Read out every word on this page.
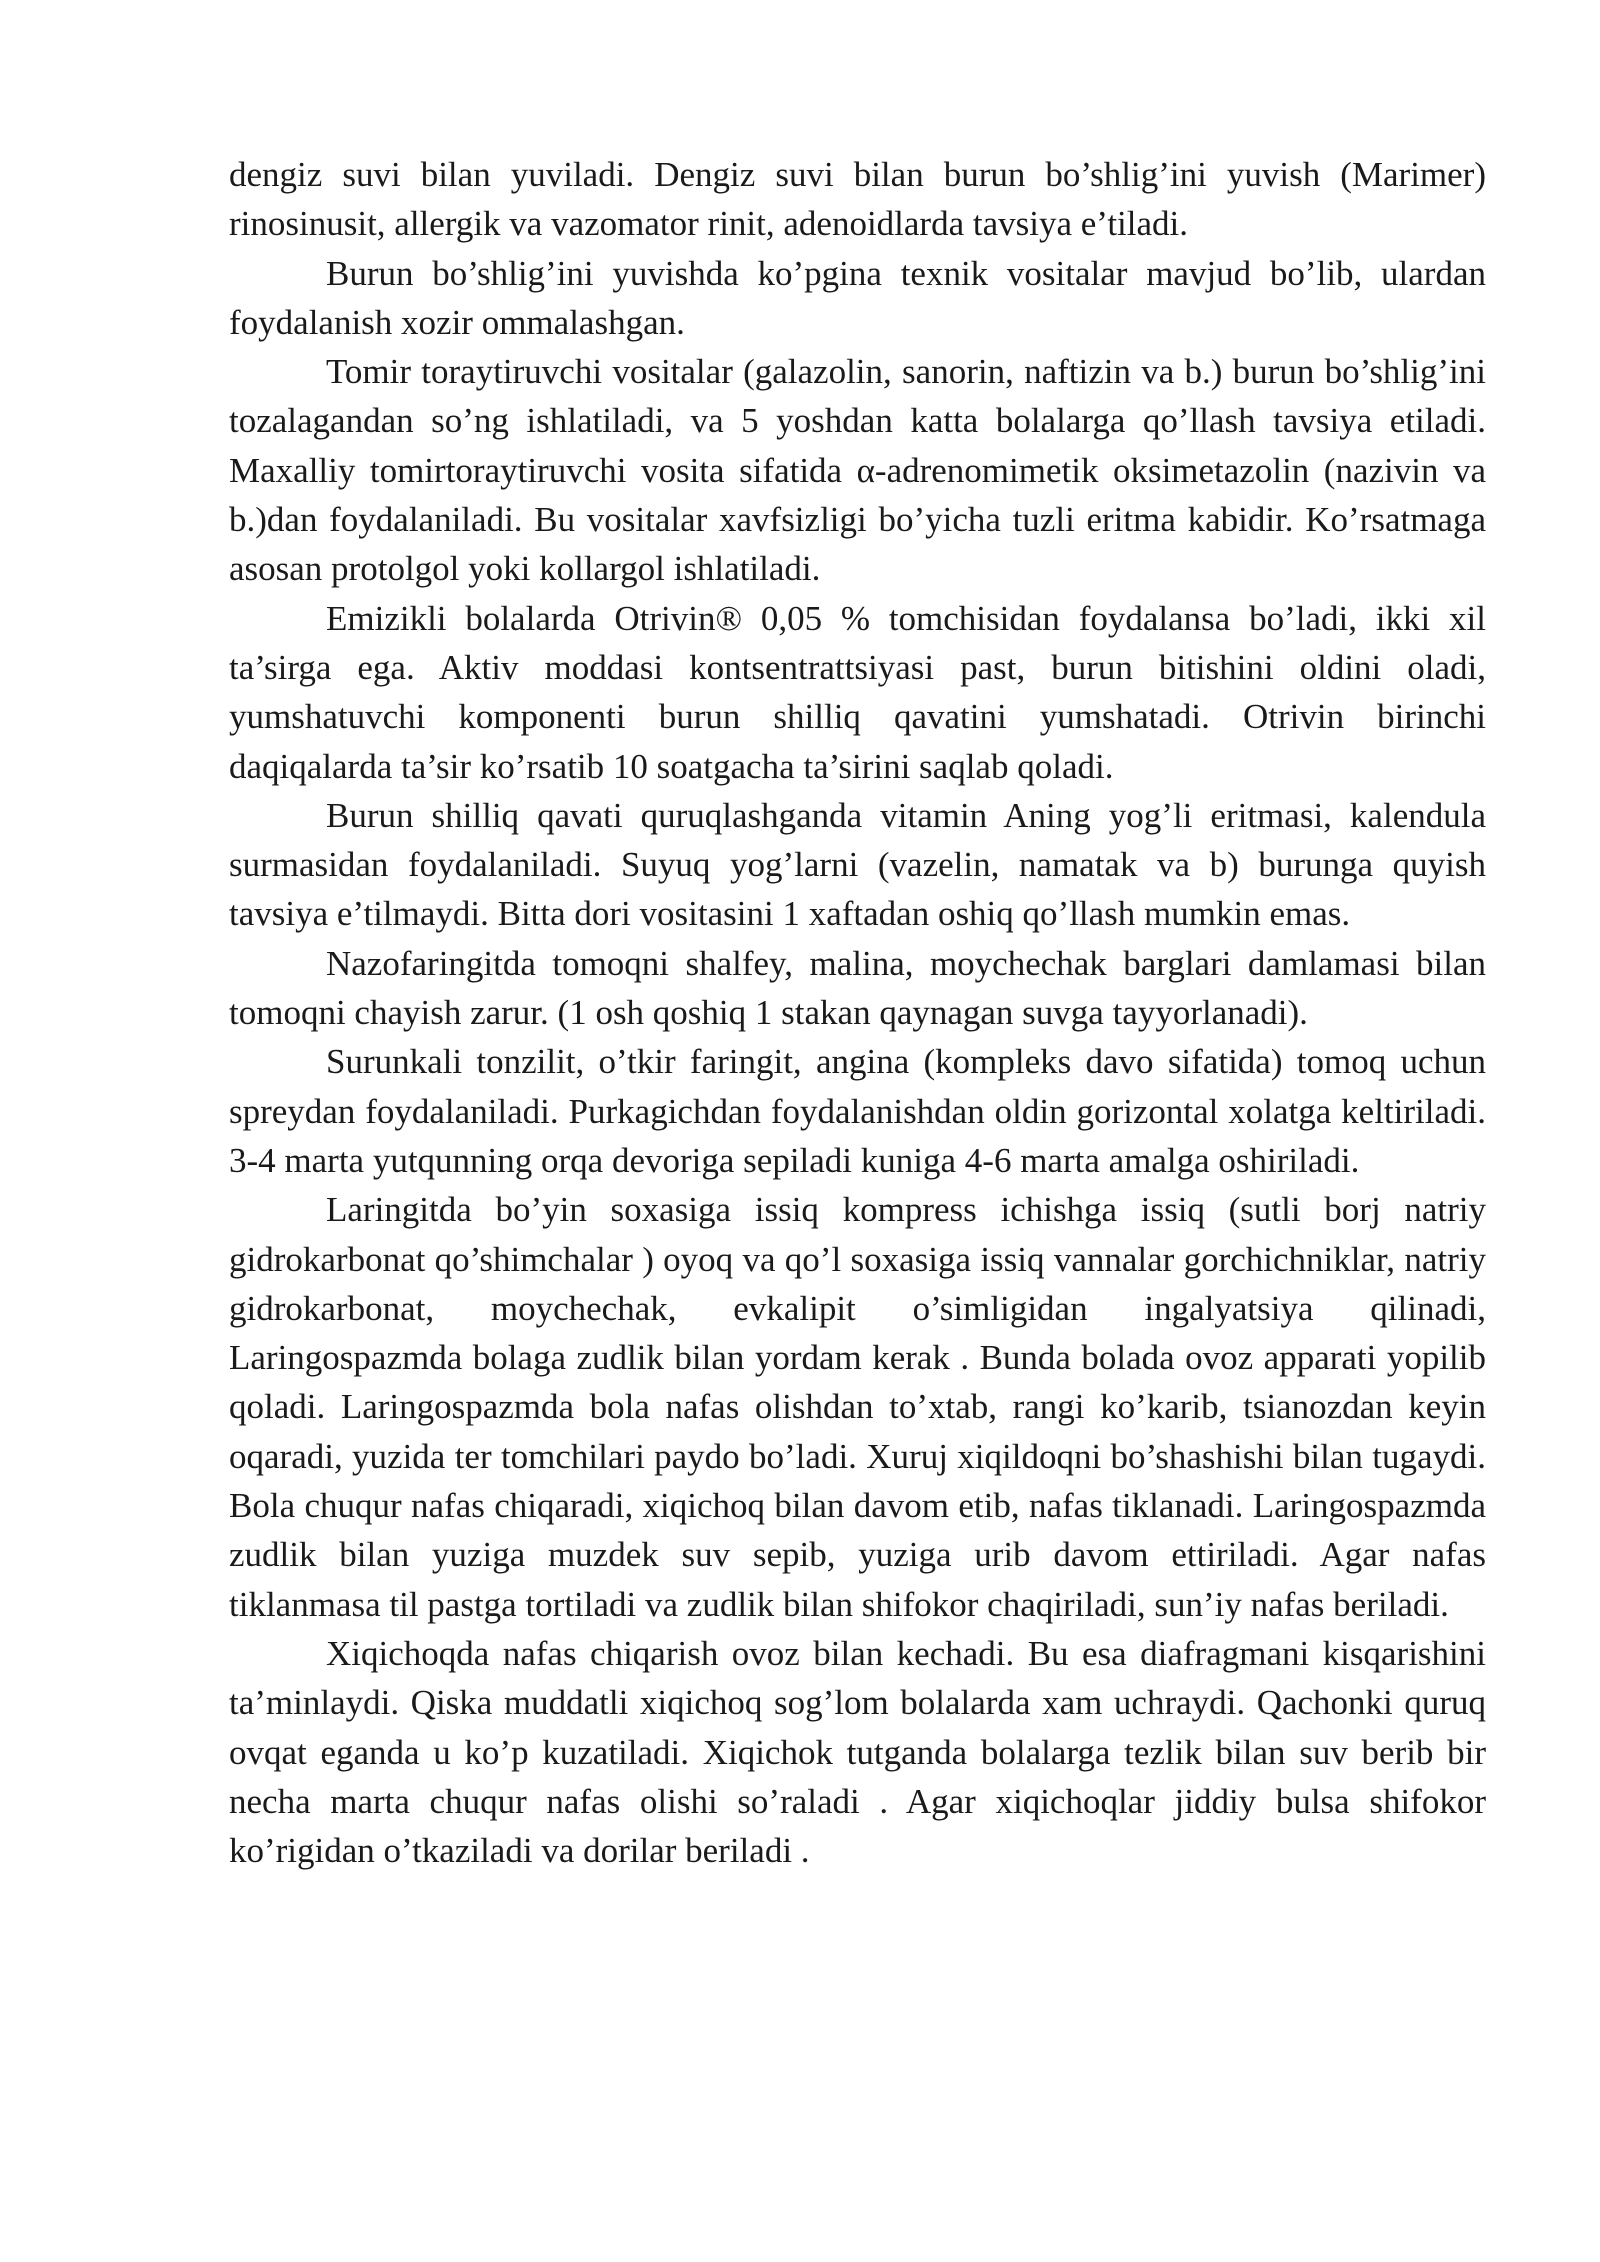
dengiz suvi bilan yuviladi. Dengiz suvi bilan burun bo’shlig’ini yuvish (Marimer) rinosinusit, allergik va vazomator rinit, adenoidlarda tavsiya e’tiladi.

Burun bo’shlig’ini yuvishda ko’pgina texnik vositalar mavjud bo’lib, ulardan foydalanish xozir ommalashgan.

Tomir toraytiruvchi vositalar (galazolin, sanorin, naftizin va b.) burun bo’shlig’ini tozalagandan so’ng ishlatiladi, va 5 yoshdan katta bolalarga qo’llash tavsiya etiladi. Maxalliy tomirtoraytiruvchi vosita sifatida α-adrenomimetik oksimetazolin (nazivin va b.)dan foydalaniladi. Bu vositalar xavfsizligi bo’yicha tuzli eritma kabidir. Ko’rsatmaga asosan protolgol yoki kollargol ishlatiladi.

Emizikli bolalarda Otrivin® 0,05 % tomchisidan foydalansa bo’ladi, ikki xil ta’sirga ega. Aktiv moddasi kontsentrattsiyasi past, burun bitishini oldini oladi, yumshatuvchi komponenti burun shilliq qavatini yumshatadi. Otrivin birinchi daqiqalarda ta’sir ko’rsatib 10 soatgacha ta’sirini saqlab qoladi.

Burun shilliq qavati quruqlashganda vitamin Aning yog’li eritmasi, kalendula surmasidan foydalaniladi. Suyuq yog’larni (vazelin, namatak va b) burunga quyish tavsiya e’tilmaydi. Bitta dori vositasini 1 xaftadan oshiq qo’llash mumkin emas.

Nazofaringitda tomoqni shalfey, malina, moychechak barglari damlamasi bilan tomoqni chayish zarur. (1 osh qoshiq 1 stakan qaynagan suvga tayyorlanadi).

Surunkali tonzilit, o’tkir faringit, angina (kompleks davo sifatida) tomoq uchun spreydan foydalaniladi. Purkagichdan foydalanishdan oldin gorizontal xolatga keltiriladi. 3-4 marta yutqunning orqa devoriga sepiladi kuniga 4-6 marta amalga oshiriladi.

Laringitda bo’yin soxasiga issiq kompress ichishga issiq (sutli borj natriy gidrokarbonat qo’shimchalar ) oyoq va qo’l soxasiga issiq vannalar gorchichniklar, natriy gidrokarbonat, moychechak, evkalipit o’simligidan ingalyatsiya qilinadi, Laringospazmda bolaga zudlik bilan yordam kerak . Bunda bolada ovoz apparati yopilib qoladi. Laringospazmda bola nafas olishdan to’xtab, rangi ko’karib, tsianozdan keyin oqaradi, yuzida ter tomchilari paydo bo’ladi. Xuruj xiqildoqni bo’shashishi bilan tugaydi. Bola chuqur nafas chiqaradi, xiqichoq bilan davom etib, nafas tiklanadi. Laringospazmda zudlik bilan yuziga muzdek suv sepib, yuziga urib davom ettiriladi. Agar nafas tiklanmasa til pastga tortiladi va zudlik bilan shifokor chaqiriladi, sun’iy nafas beriladi.

Xiqichoqda nafas chiqarish ovoz bilan kechadi. Bu esa diafragmani kisqarishini ta’minlaydi. Qiska muddatli xiqichoq sog’lom bolalarda xam uchraydi. Qachonki quruq ovqat eganda u ko’p kuzatiladi. Xiqichok tutganda bolalarga tezlik bilan suv berib bir necha marta chuqur nafas olishi so’raladi . Agar xiqichoqlar jiddiy bulsa shifokor ko’rigidan o’tkaziladi va dorilar beriladi .
